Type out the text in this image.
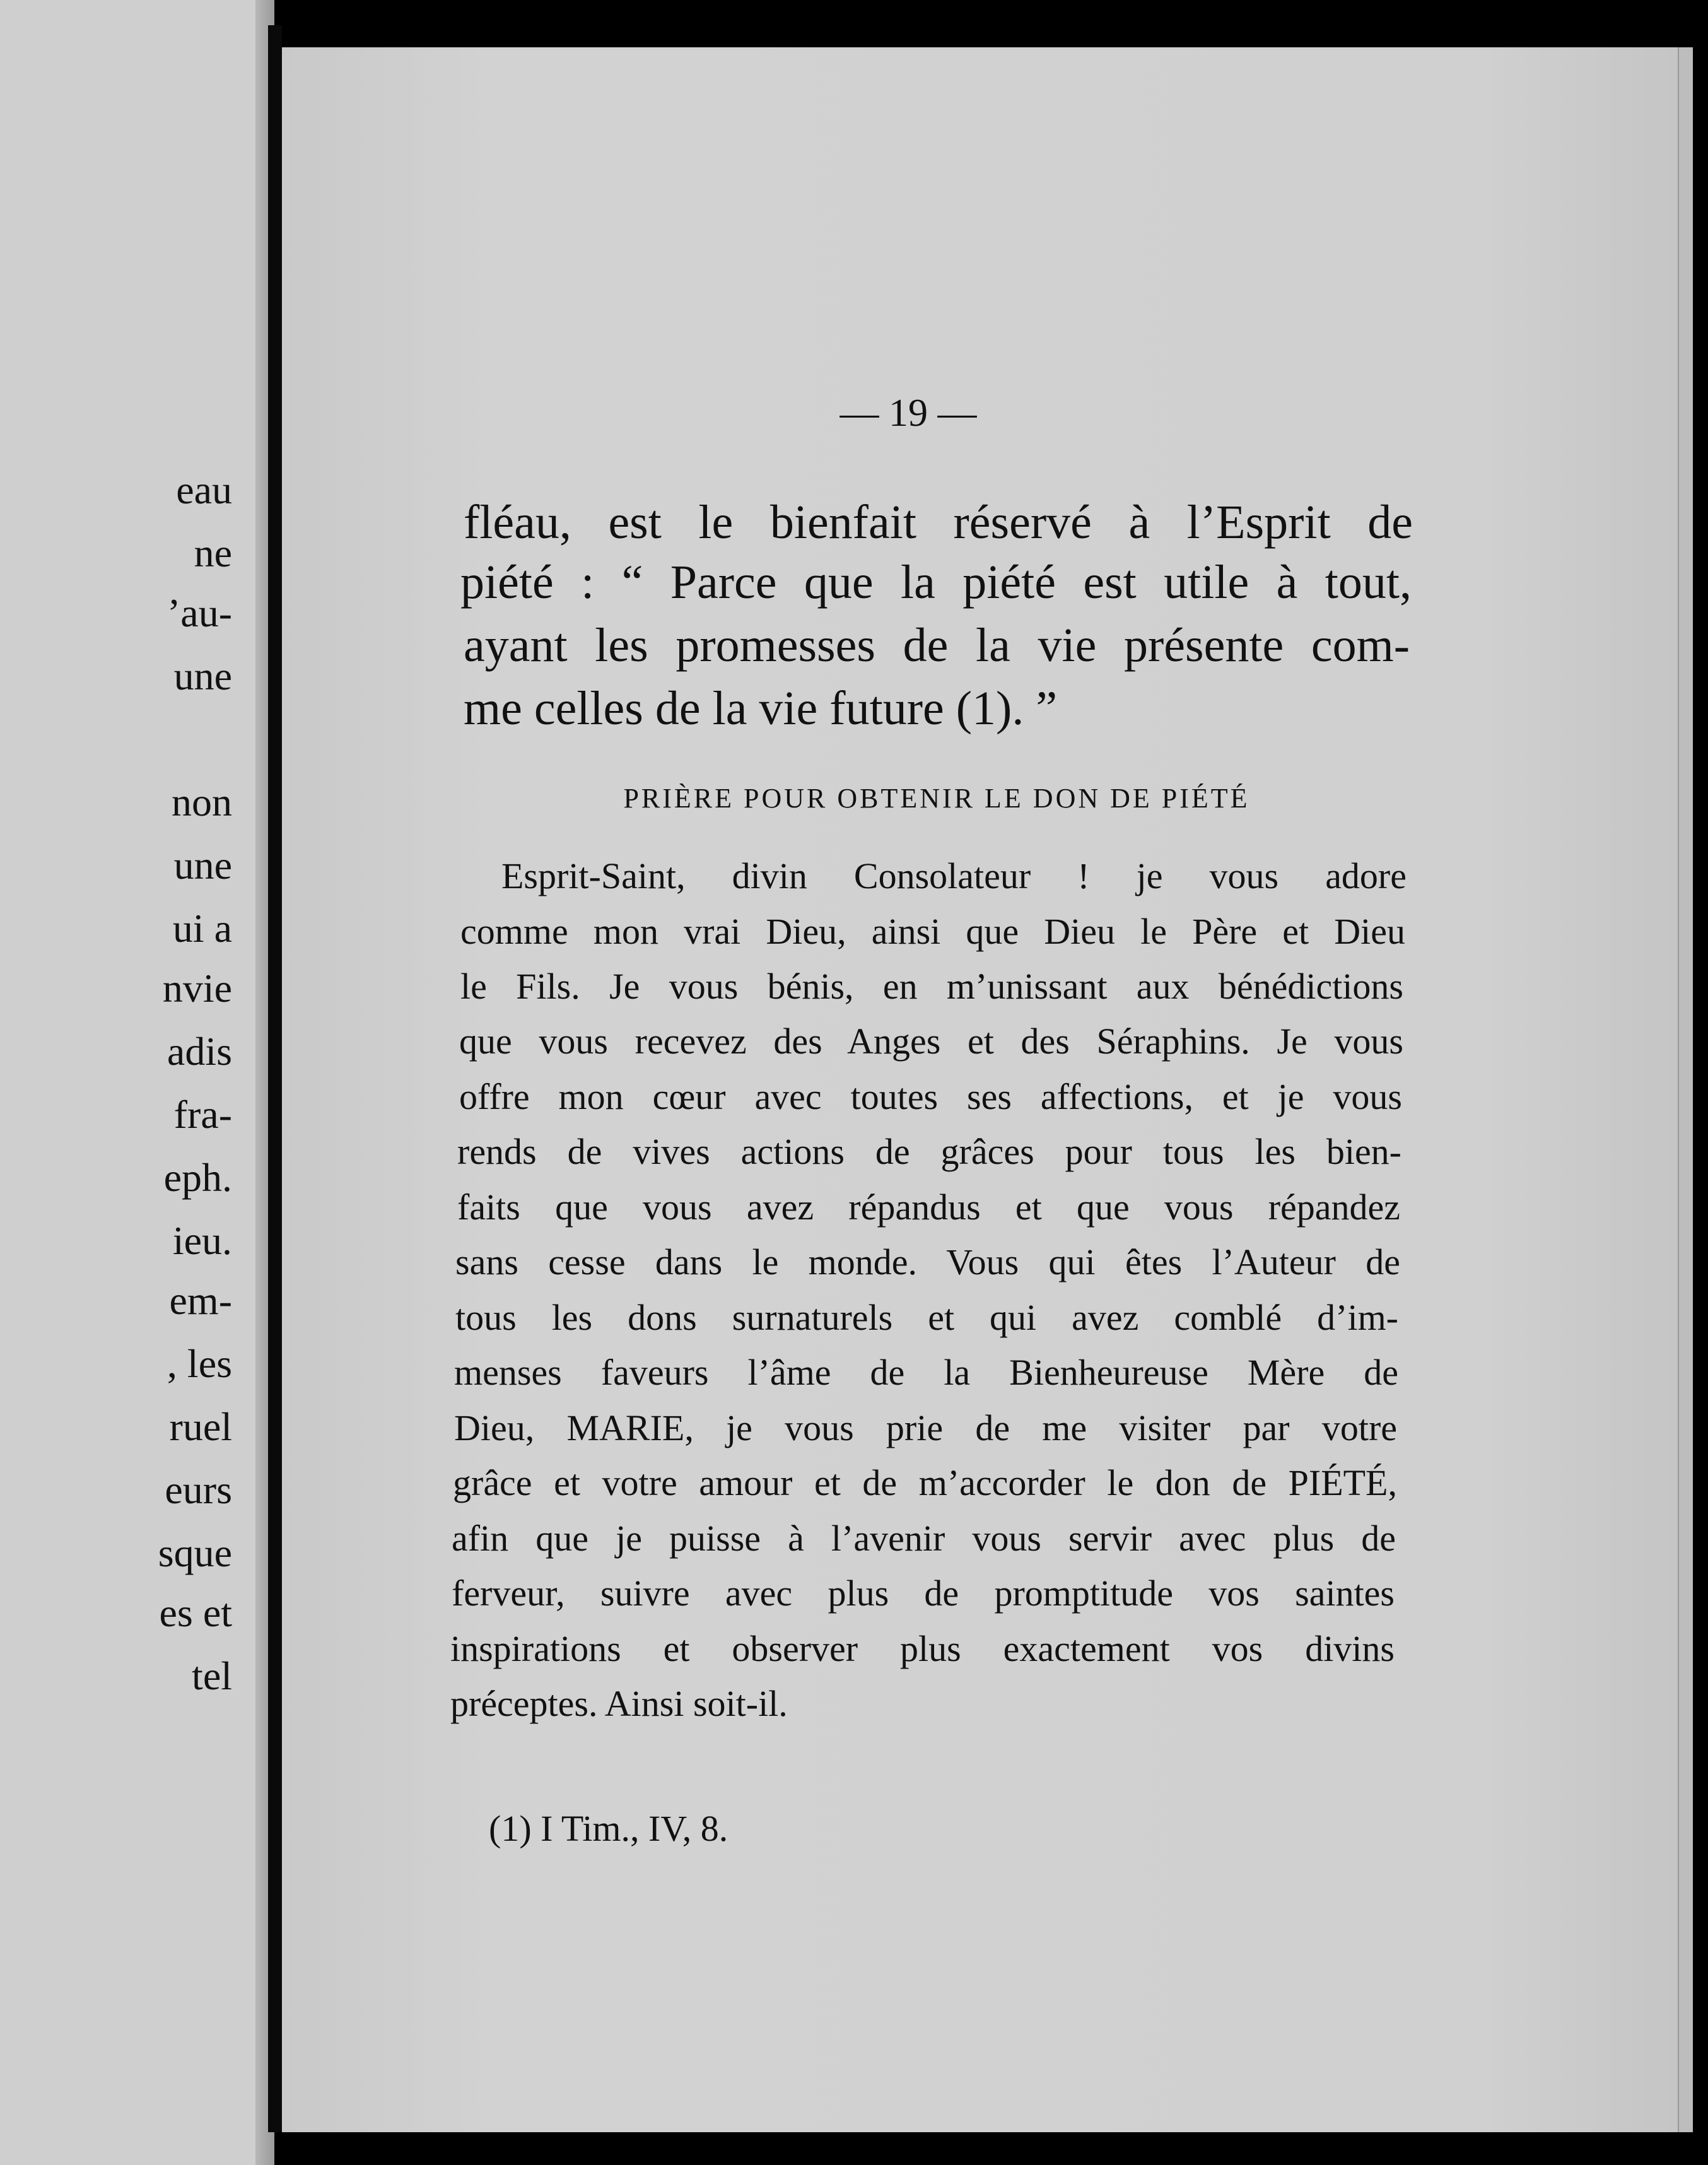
eau
ne
’au-
une
non
une
ui a
nvie
adis
fra-
eph.
ieu.
em-
, les
ruel
eurs
sque
es et
tel
— 19 —
fléau, est le bienfait réservé à l’Esprit de
piété : “ Parce que la piété est utile à tout,
ayant les promesses de la vie présente com-
me celles de la vie future (1). ”
PRIÈRE POUR OBTENIR LE DON DE PIÉTÉ
Esprit-Saint, divin Consolateur ! je vous adore
comme mon vrai Dieu, ainsi que Dieu le Père et Dieu
le Fils. Je vous bénis, en m’unissant aux bénédictions
que vous recevez des Anges et des Séraphins. Je vous
offre mon cœur avec toutes ses affections, et je vous
rends de vives actions de grâces pour tous les bien-
faits que vous avez répandus et que vous répandez
sans cesse dans le monde. Vous qui êtes l’Auteur de
tous les dons surnaturels et qui avez comblé d’im-
menses faveurs l’âme de la Bienheureuse Mère de
Dieu, MARIE, je vous prie de me visiter par votre
grâce et votre amour et de m’accorder le don de PIÉTÉ,
afin que je puisse à l’avenir vous servir avec plus de
ferveur, suivre avec plus de promptitude vos saintes
inspirations et observer plus exactement vos divins
préceptes. Ainsi soit-il.
(1) I Tim., IV, 8.
